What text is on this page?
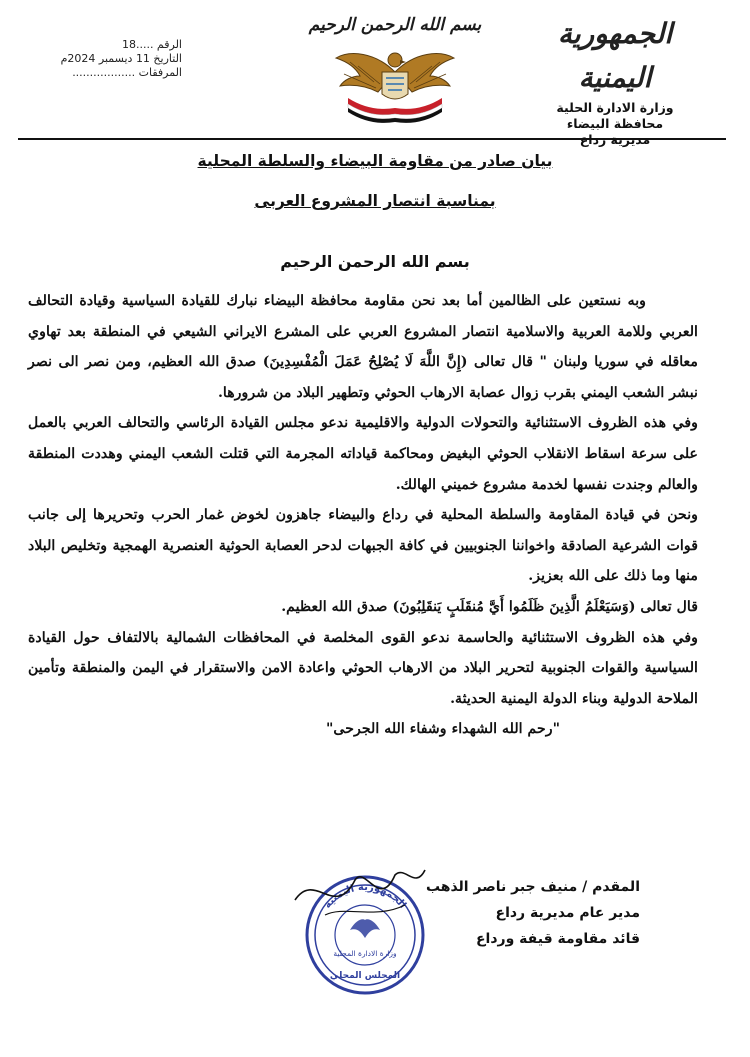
الجمهورية اليمنية
وزارة الادارة الحلية
محافظة البيضاء
مديرية رداع
بسم الله الرحمن الرحيم
الرقم .....18
التاريخ 11 ديسمبر 2024م
المرفقات ..................
بيان صادر من مقاومة البيضاء والسلطة المحلية
بمناسبة انتصار المشروع العربى
بسم الله الرحمن الرحيم

وبه نستعين على الظالمين أما بعد نحن مقاومة محافظة البيضاء نبارك للقيادة السياسية وقيادة التحالف العربي وللامة العربية والاسلامية انتصار المشروع العربي على المشرع الايراني الشيعي في المنطقة بعد تهاوي معاقله في سوريا ولبنان " قال تعالى (إِنَّ اللَّهَ لَا يُصْلِحُ عَمَلَ الْمُفْسِدِينَ) صدق الله العظيم، ومن نصر الى نصر نبشر الشعب اليمني بقرب زوال عصابة الارهاب الحوثي وتطهير البلاد من شرورها.

وفي هذه الظروف الاستثنائية والتحولات الدولية والاقليمية ندعو مجلس القيادة الرئاسي والتحالف العربي بالعمل على سرعة اسقاط الانقلاب الحوثي البغيض ومحاكمة قياداته المجرمة التي قتلت الشعب اليمني وهددت المنطقة والعالم وجندت نفسها لخدمة مشروع خميني الهالك.

ونحن في قيادة المقاومة والسلطة المحلية في رداع والبيضاء جاهزون لخوض غمار الحرب وتحريرها إلى جانب قوات الشرعية الصادقة واخواننا الجنوبيين في كافة الجبهات لدحر العصابة الحوثية العنصرية الهمجية وتخليص البلاد منها وما ذلك على الله بعزيز.

قال تعالى (وَسَيَعْلَمُ الَّذِينَ ظَلَمُوا أَيَّ مُنقَلَبٍ يَنقَلِبُونَ) صدق الله العظيم.

وفي هذه الظروف الاستثنائية والحاسمة ندعو القوى المخلصة في المحافظات الشمالية بالالتفاف حول القيادة السياسية والقوات الجنوبية لتحرير البلاد من الارهاب الحوثي واعادة الامن والاستقرار في اليمن والمنطقة وتأمين الملاحة الدولية وبناء الدولة اليمنية الحديثة.

"رحم الله الشهداء وشفاء الله الجرحى"

الجمهورية اليمنية
وزارة الادارة المحلية
المجلس المحلي
المقدم / منيف جبر ناصر الذهب
مدير عام مديرية رداع
قائد مقاومة قيفة ورداع
